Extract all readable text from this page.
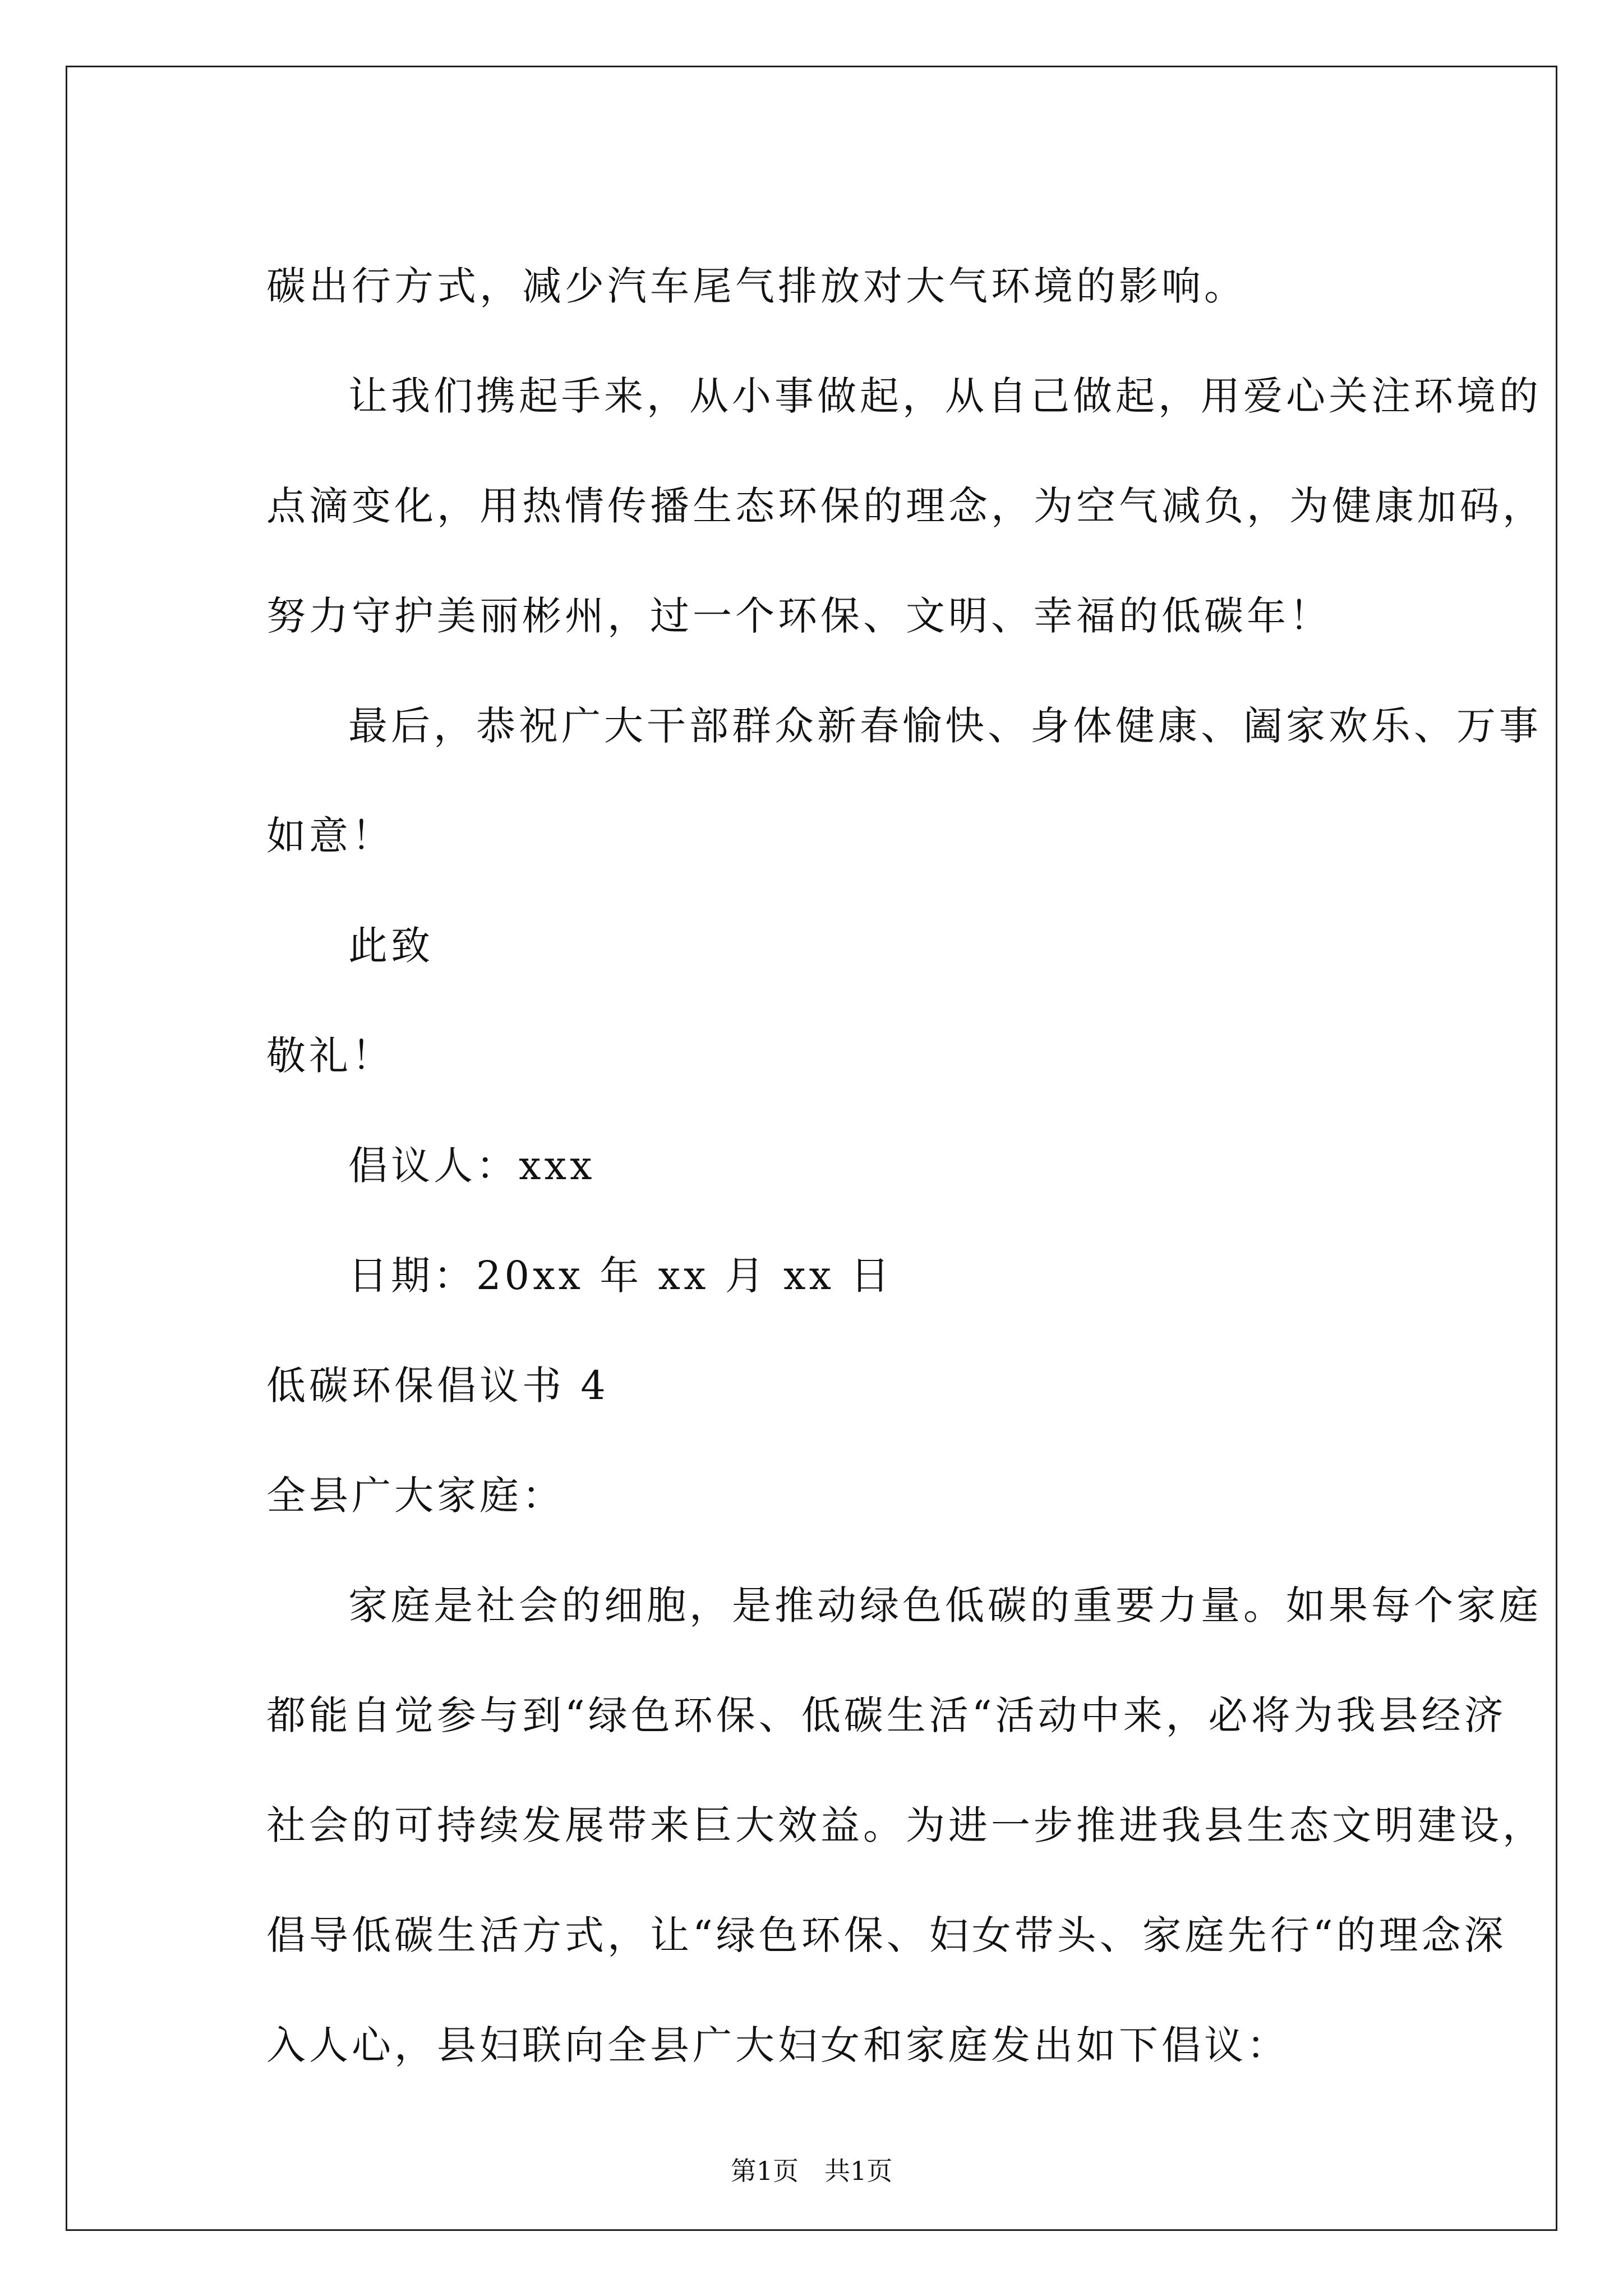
碳出行方式，减少汽车尾气排放对大气环境的影响。
让我们携起手来，从小事做起，从自己做起，用爱心关注环境的
点滴变化，用热情传播生态环保的理念，为空气减负，为健康加码，
努力守护美丽彬州，过一个环保、文明、幸福的低碳年！
最后，恭祝广大干部群众新春愉快、身体健康、阖家欢乐、万事
如意！
此致
敬礼！
倡议人：xxx
日期：20xx 年 xx 月 xx 日
低碳环保倡议书 4
全县广大家庭：
家庭是社会的细胞，是推动绿色低碳的重要力量。如果每个家庭
都能自觉参与到“绿色环保、低碳生活“活动中来，必将为我县经济
社会的可持续发展带来巨大效益。为进一步推进我县生态文明建设，
倡导低碳生活方式，让“绿色环保、妇女带头、家庭先行“的理念深
入人心，县妇联向全县广大妇女和家庭发出如下倡议：
第1页　共1页
